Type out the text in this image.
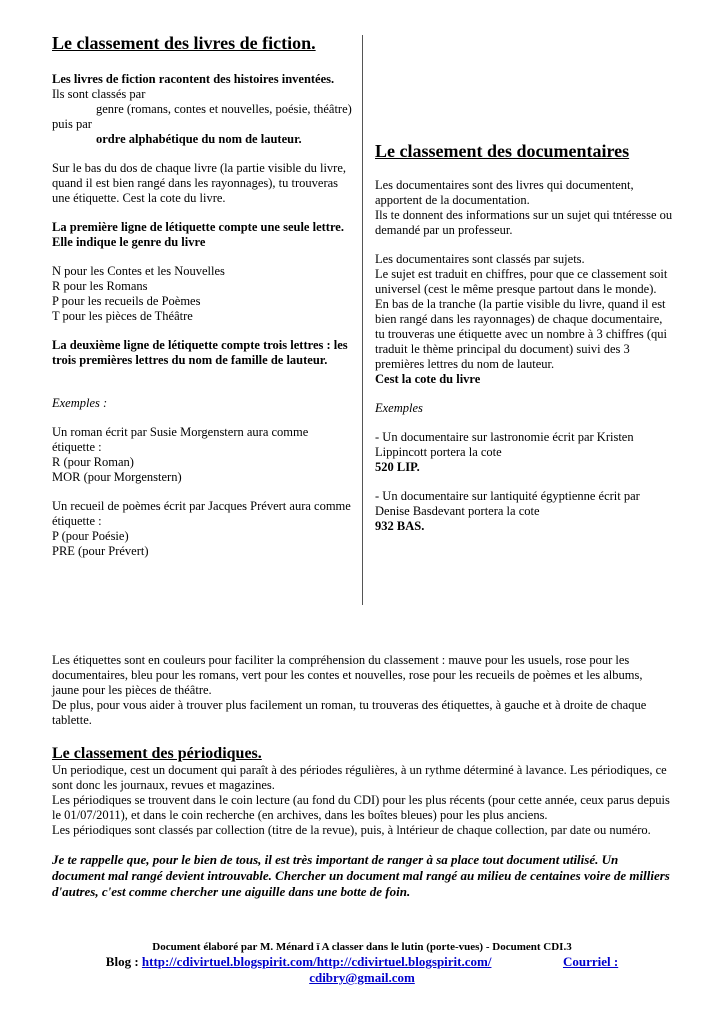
Le classement des livres de fiction.

Les livres de fiction racontent des histoires inventées.

Ils sont classés par

genre (romans, contes et nouvelles, poésie, théâtre)

puis par

ordre alphabétique du nom de lauteur.

Sur le bas du dos de chaque livre (la partie visible du livre, quand il est bien rangé dans les rayonnages), tu trouveras une étiquette. Cest la cote du livre.

La première ligne de létiquette compte une seule lettre. Elle indique le genre du livre

N pour les Contes et les Nouvelles

R pour les Romans

P pour les recueils de Poèmes

T pour les pièces de Théâtre

La deuxième ligne de létiquette compte trois lettres : les trois premières lettres du nom de famille de lauteur.

Exemples :

Un roman écrit par Susie Morgenstern aura comme étiquette :

R (pour Roman)

MOR (pour Morgenstern)

Un recueil de poèmes écrit par Jacques Prévert aura comme étiquette :

P (pour Poésie)

PRE (pour Prévert)

Le classement des documentaires

Les documentaires sont des livres qui documentent, apportent de la documentation.

Ils te donnent des informations sur un sujet qui tntéresse ou demandé par un professeur.

Les documentaires sont classés par sujets.

Le sujet est traduit en chiffres, pour que ce classement soit universel (cest le même presque partout dans le monde).

En bas de la tranche (la partie visible du livre, quand il est bien rangé dans les rayonnages) de chaque documentaire, tu trouveras une étiquette avec un nombre à 3 chiffres (qui traduit le thème principal du document) suivi des 3 premières lettres du nom de lauteur.

Cest la cote du livre

Exemples

- Un documentaire sur lastronomie écrit par Kristen Lippincott portera la cote

520 LIP.

- Un documentaire sur lantiquité égyptienne écrit par Denise Basdevant portera la cote

932 BAS.

Les étiquettes sont en couleurs pour faciliter la compréhension du classement : mauve pour les usuels, rose pour les documentaires, bleu pour les romans, vert pour les contes et nouvelles, rose pour les recueils de poèmes et les albums, jaune pour les pièces de théâtre.

De plus, pour vous aider à trouver plus facilement un roman, tu trouveras des étiquettes, à gauche et à droite de chaque tablette.

Le classement des périodiques.

Un periodique, cest un document qui paraît à des périodes régulières, à un rythme déterminé à lavance. Les périodiques, ce sont donc les journaux, revues et magazines.

Les périodiques se trouvent dans le coin lecture (au fond du CDI) pour les plus récents (pour cette année, ceux parus depuis le 01/07/2011), et dans le coin recherche (en archives, dans les boîtes bleues) pour les plus anciens.

Les périodiques sont classés par collection (titre de la revue), puis, à lntérieur de chaque collection, par date ou numéro.

Je te rappelle que, pour le bien de tous, il est très important de ranger à sa place tout document utilisé. Un document mal rangé devient introuvable. Chercher un document mal rangé au milieu de centaines voire de milliers d'autres, c'est comme chercher une aiguille dans une botte de foin.

Document élaboré par M. Ménard ï A classer dans le lutin (porte-vues) - Document CDI.3

Blog : http://cdivirtuel.blogspirit.com/http://cdivirtuel.blogspirit.com/	Courriel :

cdibry@gmail.com
